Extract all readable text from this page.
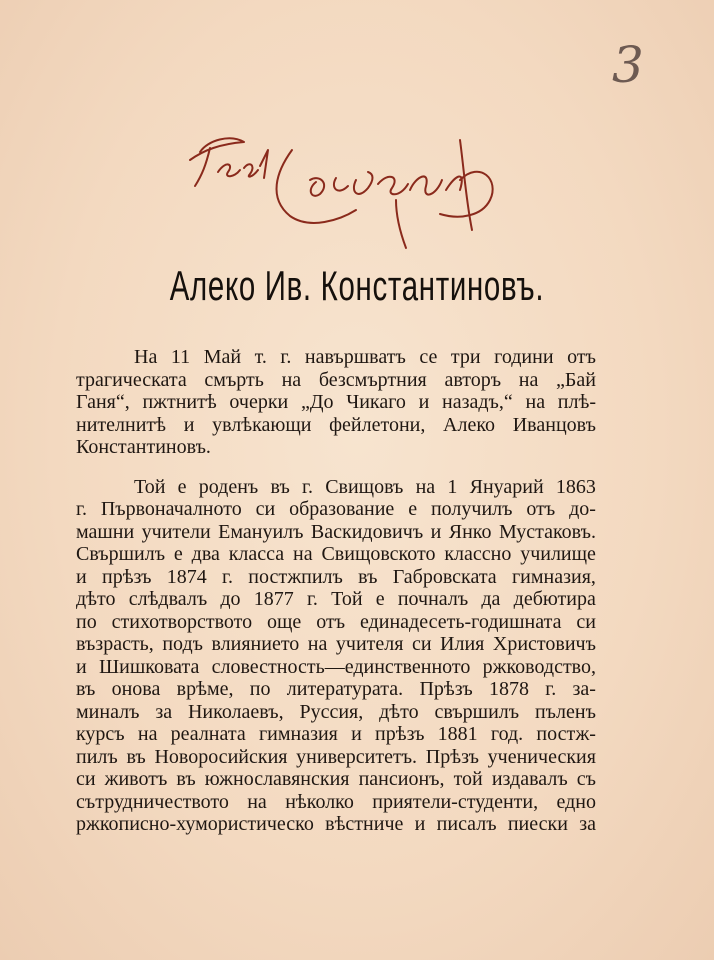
3
Алеко Ив. Константиновъ.
На 11 Май т. г. навършватъ се три години отъ
трагическата смърть на безсмъртния авторъ на „Бай
Ганя“, пжтнитѣ очерки „До Чикаго и назадъ,“ на плѣ-
нителнитѣ и увлѣкающи фейлетони, Алеко Иванцовъ
Константиновъ.
Той е роденъ въ г. Свищовъ на 1 Януарий 1863
г. Първоначалното си образование е получилъ отъ до-
машни учители Емануилъ Васкидовичъ и Янко Мустаковъ.
Свършилъ е два класса на Свищовското классно училище
и прѣзъ 1874 г. постжпилъ въ Габровската гимназия,
дѣто слѣдвалъ до 1877 г. Той е почналъ да дебютира
по стихотворството още отъ единадесеть-годишната си
възрасть, подъ влиянието на учителя си Илия Христовичъ
и Шишковата словестность—единственното ржководство,
въ онова врѣме, по литературата. Прѣзъ 1878 г. за-
миналъ за Николаевъ, Руссия, дѣто свършилъ пъленъ
курсъ на реалната гимназия и прѣзъ 1881 год. постж-
пилъ въ Новоросийския университетъ. Прѣзъ ученическия
си животъ въ южнославянския пансионъ, той издавалъ съ
сътрудничеството на нѣколко приятели-студенти, едно
ржкописно-хумористическо вѣстниче и писалъ пиески за
